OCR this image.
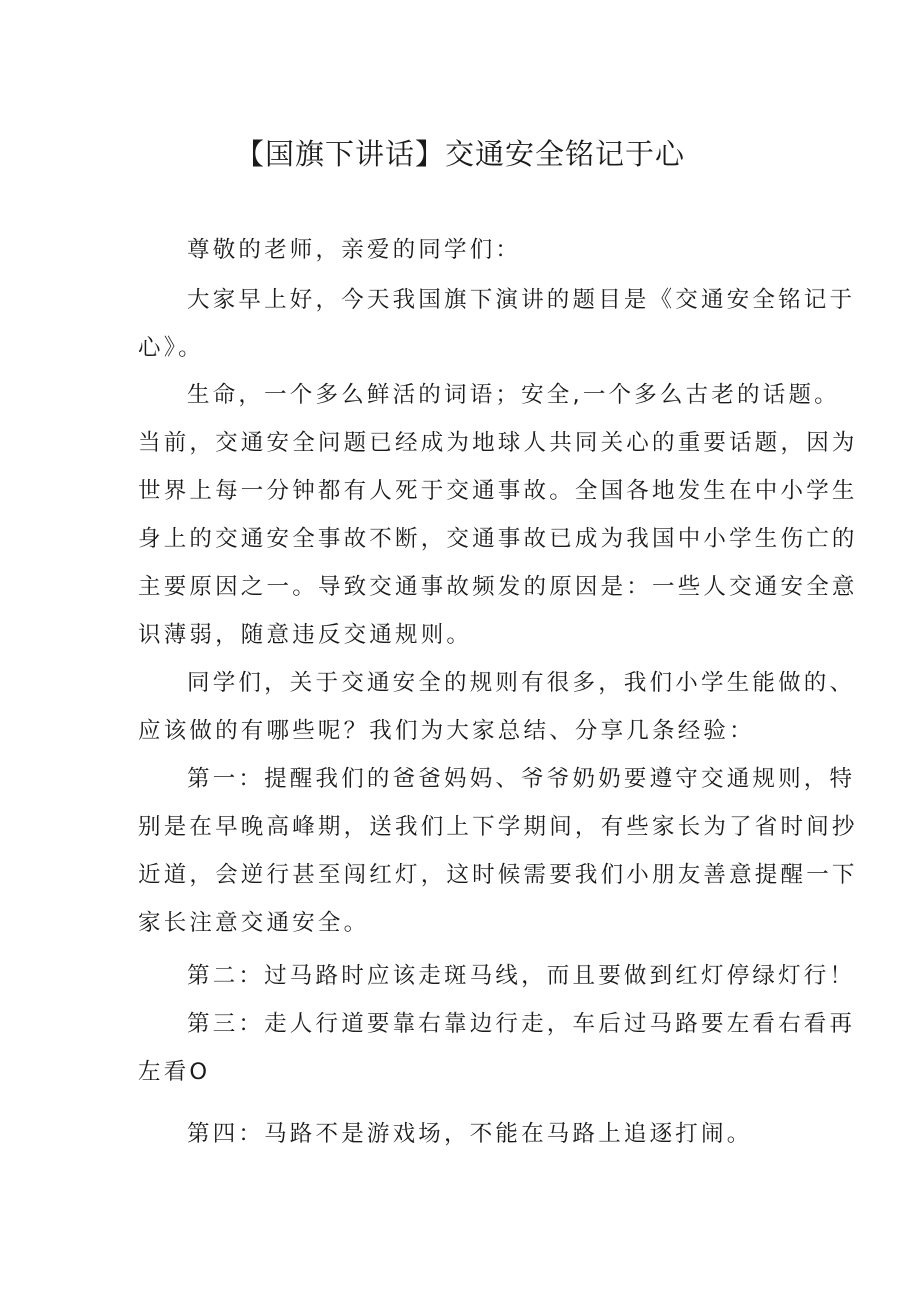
【国旗下讲话】交通安全铭记于心
尊敬的老师，亲爱的同学们：
大家早上好，今天我国旗下演讲的题目是《交通安全铭记于
心》。
生命，一个多么鲜活的词语；安全,一个多么古老的话题。
当前，交通安全问题已经成为地球人共同关心的重要话题，因为
世界上每一分钟都有人死于交通事故。全国各地发生在中小学生
身上的交通安全事故不断，交通事故已成为我国中小学生伤亡的
主要原因之一。导致交通事故频发的原因是：一些人交通安全意
识薄弱，随意违反交通规则。
同学们，关于交通安全的规则有很多，我们小学生能做的、
应该做的有哪些呢？我们为大家总结、分享几条经验：
第一：提醒我们的爸爸妈妈、爷爷奶奶要遵守交通规则，特
别是在早晚高峰期，送我们上下学期间，有些家长为了省时间抄
近道，会逆行甚至闯红灯，这时候需要我们小朋友善意提醒一下
家长注意交通安全。
第二：过马路时应该走斑马线，而且要做到红灯停绿灯行！
第三：走人行道要靠右靠边行走，车后过马路要左看右看再
左看O
第四：马路不是游戏场，不能在马路上追逐打闹。
